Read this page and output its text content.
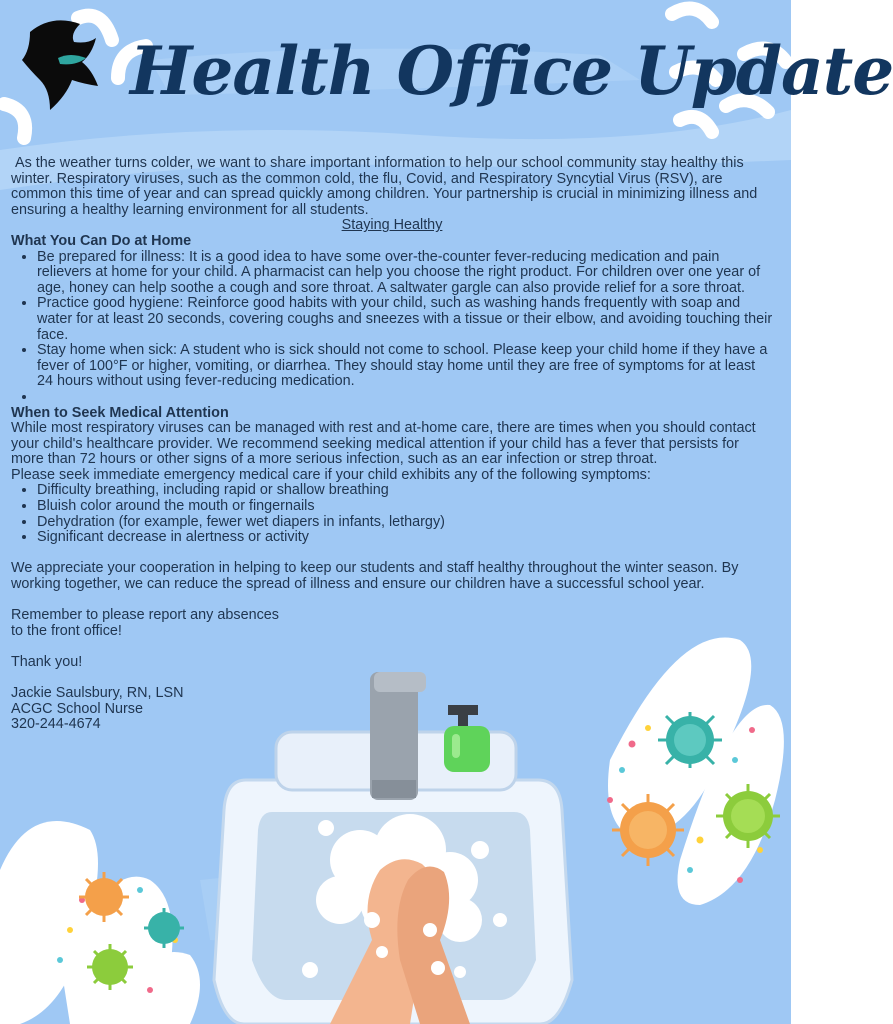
Health Office Update

As the weather turns colder, we want to share important information to help our school community stay healthy this winter. Respiratory viruses, such as the common cold, the flu, Covid, and Respiratory Syncytial Virus (RSV), are common this time of year and can spread quickly among children. Your partnership is crucial in minimizing illness and ensuring a healthy learning environment for all students.

Staying Healthy

What You Can Do at Home

• Be prepared for illness: It is a good idea to have some over-the-counter fever-reducing medication and pain relievers at home for your child. A pharmacist can help you choose the right product. For children over one year of age, honey can help soothe a cough and sore throat. A saltwater gargle can also provide relief for a sore throat.
• Practice good hygiene: Reinforce good habits with your child, such as washing hands frequently with soap and water for at least 20 seconds, covering coughs and sneezes with a tissue or their elbow, and avoiding touching their face.
• Stay home when sick: A student who is sick should not come to school. Please keep your child home if they have a fever of 100°F or higher, vomiting, or diarrhea. They should stay home until they are free of symptoms for at least 24 hours without using fever-reducing medication.
•

When to Seek Medical Attention

While most respiratory viruses can be managed with rest and at-home care, there are times when you should contact your child's healthcare provider. We recommend seeking medical attention if your child has a fever that persists for more than 72 hours or other signs of a more serious infection, such as an ear infection or strep throat.

Please seek immediate emergency medical care if your child exhibits any of the following symptoms:

• Difficulty breathing, including rapid or shallow breathing
• Bluish color around the mouth or fingernails
• Dehydration (for example, fewer wet diapers in infants, lethargy)
• Significant decrease in alertness or activity

We appreciate your cooperation in helping to keep our students and staff healthy throughout the winter season. By working together, we can reduce the spread of illness and ensure our children have a successful school year.

Remember to please report any absences

to the front office!

Thank you!

Jackie Saulsbury, RN, LSN

ACGC School Nurse

320-244-4674
